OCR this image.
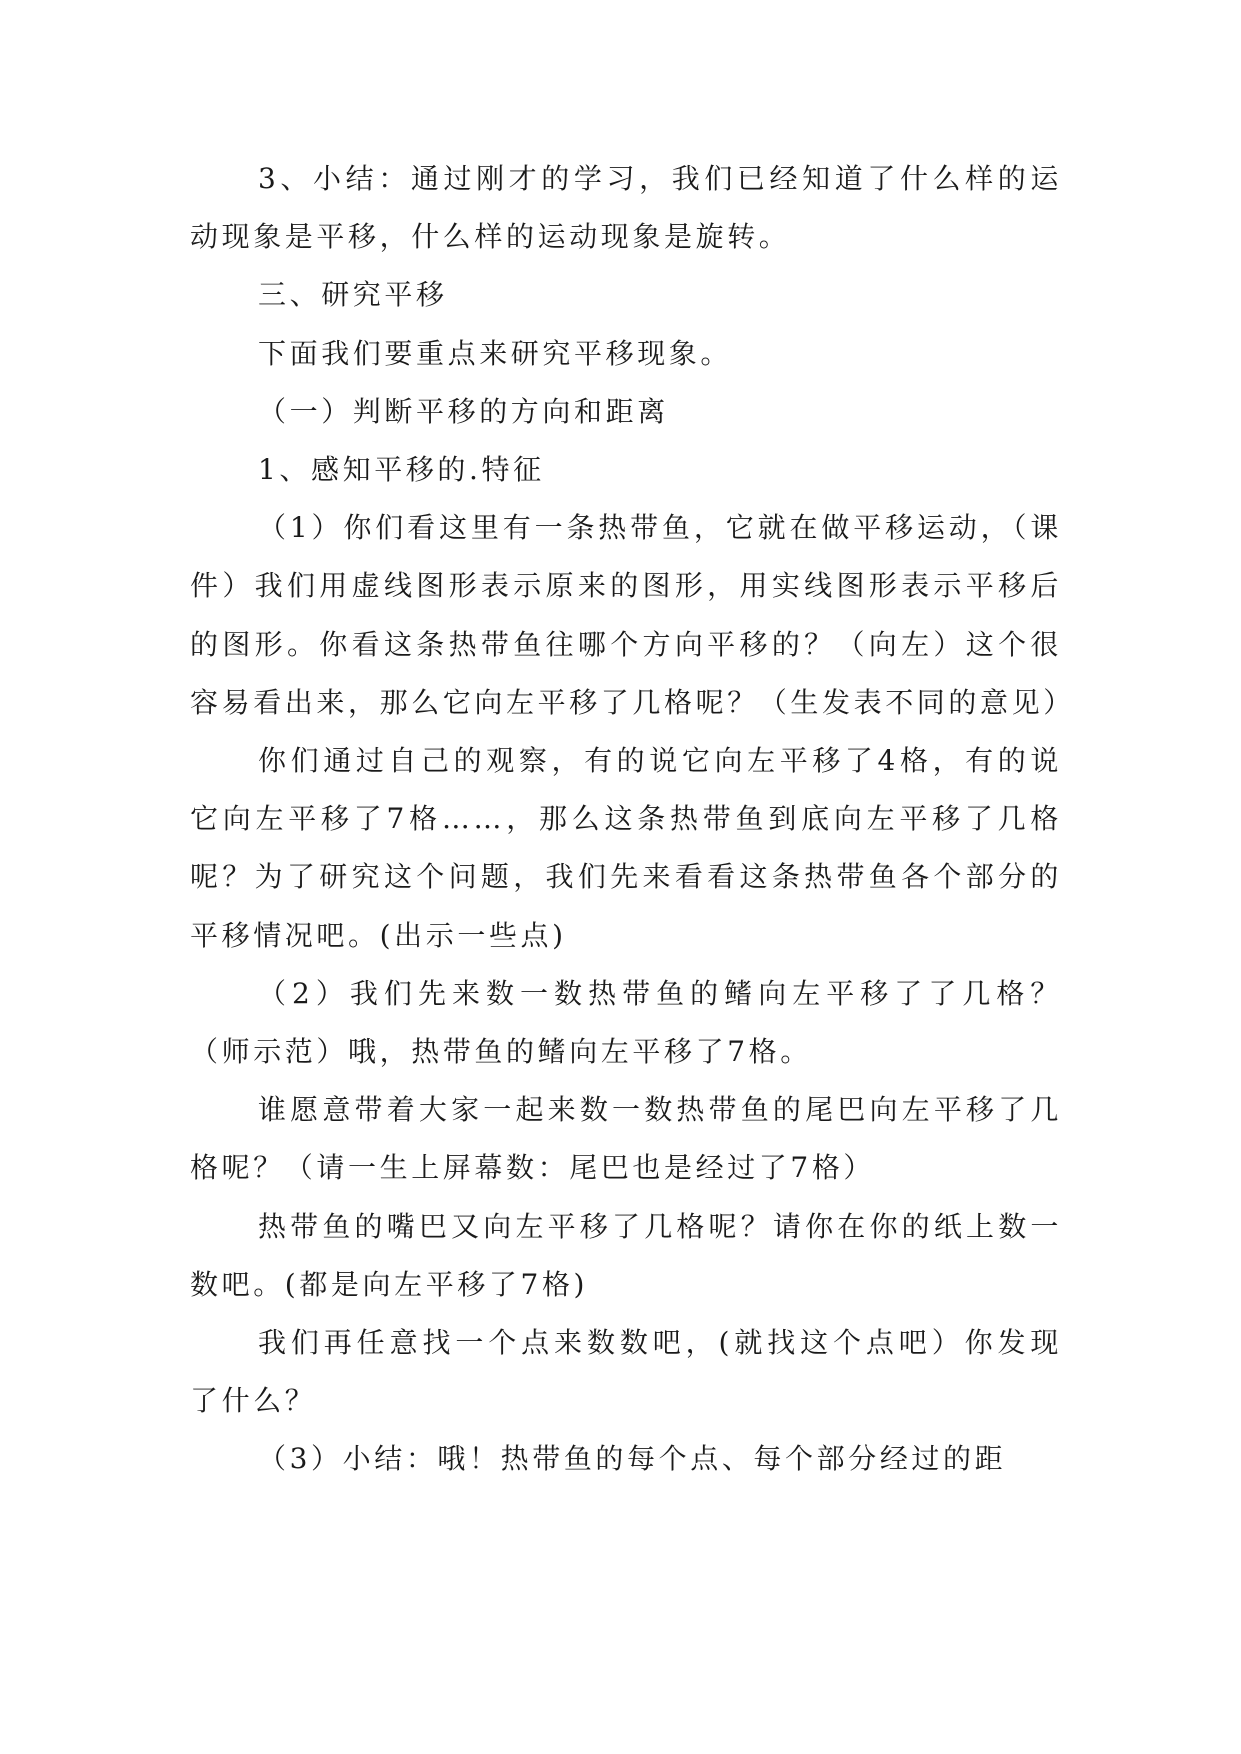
3、小结：通过刚才的学习，我们已经知道了什么样的运动现象是平移，什么样的运动现象是旋转。

三、研究平移

下面我们要重点来研究平移现象。

（一）判断平移的方向和距离

1、感知平移的.特征

（1）你们看这里有一条热带鱼，它就在做平移运动，（课件）我们用虚线图形表示原来的图形，用实线图形表示平移后的图形。你看这条热带鱼往哪个方向平移的？（向左）这个很容易看出来，那么它向左平移了几格呢？（生发表不同的意见）

你们通过自己的观察，有的说它向左平移了4格，有的说它向左平移了7格……，那么这条热带鱼到底向左平移了几格呢？为了研究这个问题，我们先来看看这条热带鱼各个部分的平移情况吧。(出示一些点)

（2）我们先来数一数热带鱼的鳍向左平移了了几格？（师示范）哦，热带鱼的鳍向左平移了7格。

谁愿意带着大家一起来数一数热带鱼的尾巴向左平移了几格呢？（请一生上屏幕数：尾巴也是经过了7格）

热带鱼的嘴巴又向左平移了几格呢？请你在你的纸上数一数吧。(都是向左平移了7格)

我们再任意找一个点来数数吧，(就找这个点吧）你发现了什么？

（3）小结：哦！热带鱼的每个点、每个部分经过的距
